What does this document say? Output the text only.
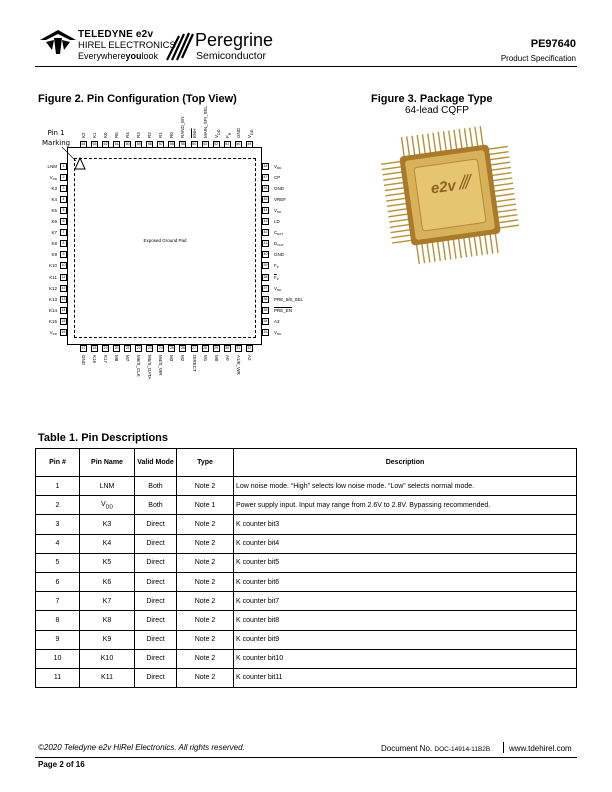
TELEDYNE e2v
HIREL ELECTRONICS
Everywhereyoulook
Peregrine
Semiconductor
PE97640
Product Specification
Figure 2. Pin Configuration (Top View)
Pin 1
Marking
Exposed Ground Pad
1
LNM
2
$V_{DD}$
3
K3
4
K4
5
K5
6
K6
7
K7
8
K8
9
K9
10
K10
11
K11
12
K12
13
K13
14
K14
15
K15
16
$V_{DD}$
48	$V_{DD}$
47	CP
46	GND
45	VREF
44	$V_{DD}$
43	LD
42	$C_{EXT}$
41	$D_{OUT}$
40	GND
39	$F_P$
38	$\overline{F}_P$
37	$V_{DD}$
36	PRE_5/6_SEL
35	PRE_EN
34	A3
33	$V_{DD}$
64
K2
63
K1
62
K0
61
R5
60
R4
59
R3
58
R2
57
R1
56
R0
55
RAND_EN
54
$\overline{ENH}$
53
MAIN_SPI_SEL
52
$V_{DD}$
51
$F_R$
50
GND
49
$V_{DD}$
17
GND
18
K16
19
K17
20
M8
21
M7
22
M6/S_CLK
23
M5/S_DATA
24
M4/S_WR
25
M3
26
M2
27
DIRECT
28
M1
29
M0
30
A0
31
A1/E_WR
32
A2
Figure 3. Package Type
64-lead CQFP
e2v
Table 1. Pin Descriptions
Pin #	Pin Name	Valid Mode	Type	Description
1	LNM	Both	Note 2	Low noise mode. “High” selects low noise mode. “Low” selects normal mode.
2	$V_{DD}$	Both	Note 1	Power supply input. Input may range from 2.6V to 2.8V. Bypassing recommended.
3	K3	Direct	Note 2	K counter bit3
4	K4	Direct	Note 2	K counter bit4
5	K5	Direct	Note 2	K counter bit5
6	K6	Direct	Note 2	K counter bit6
7	K7	Direct	Note 2	K counter bit7
8	K8	Direct	Note 2	K counter bit8
9	K9	Direct	Note 2	K counter bit9
10	K10	Direct	Note 2	K counter bit10
11	K11	Direct	Note 2	K counter bit11
©2020 Teledyne e2v HiRel Electronics. All rights reserved.	Document No. DOC-14914-11B2B www.tdehirel.com
Page 2 of 16
